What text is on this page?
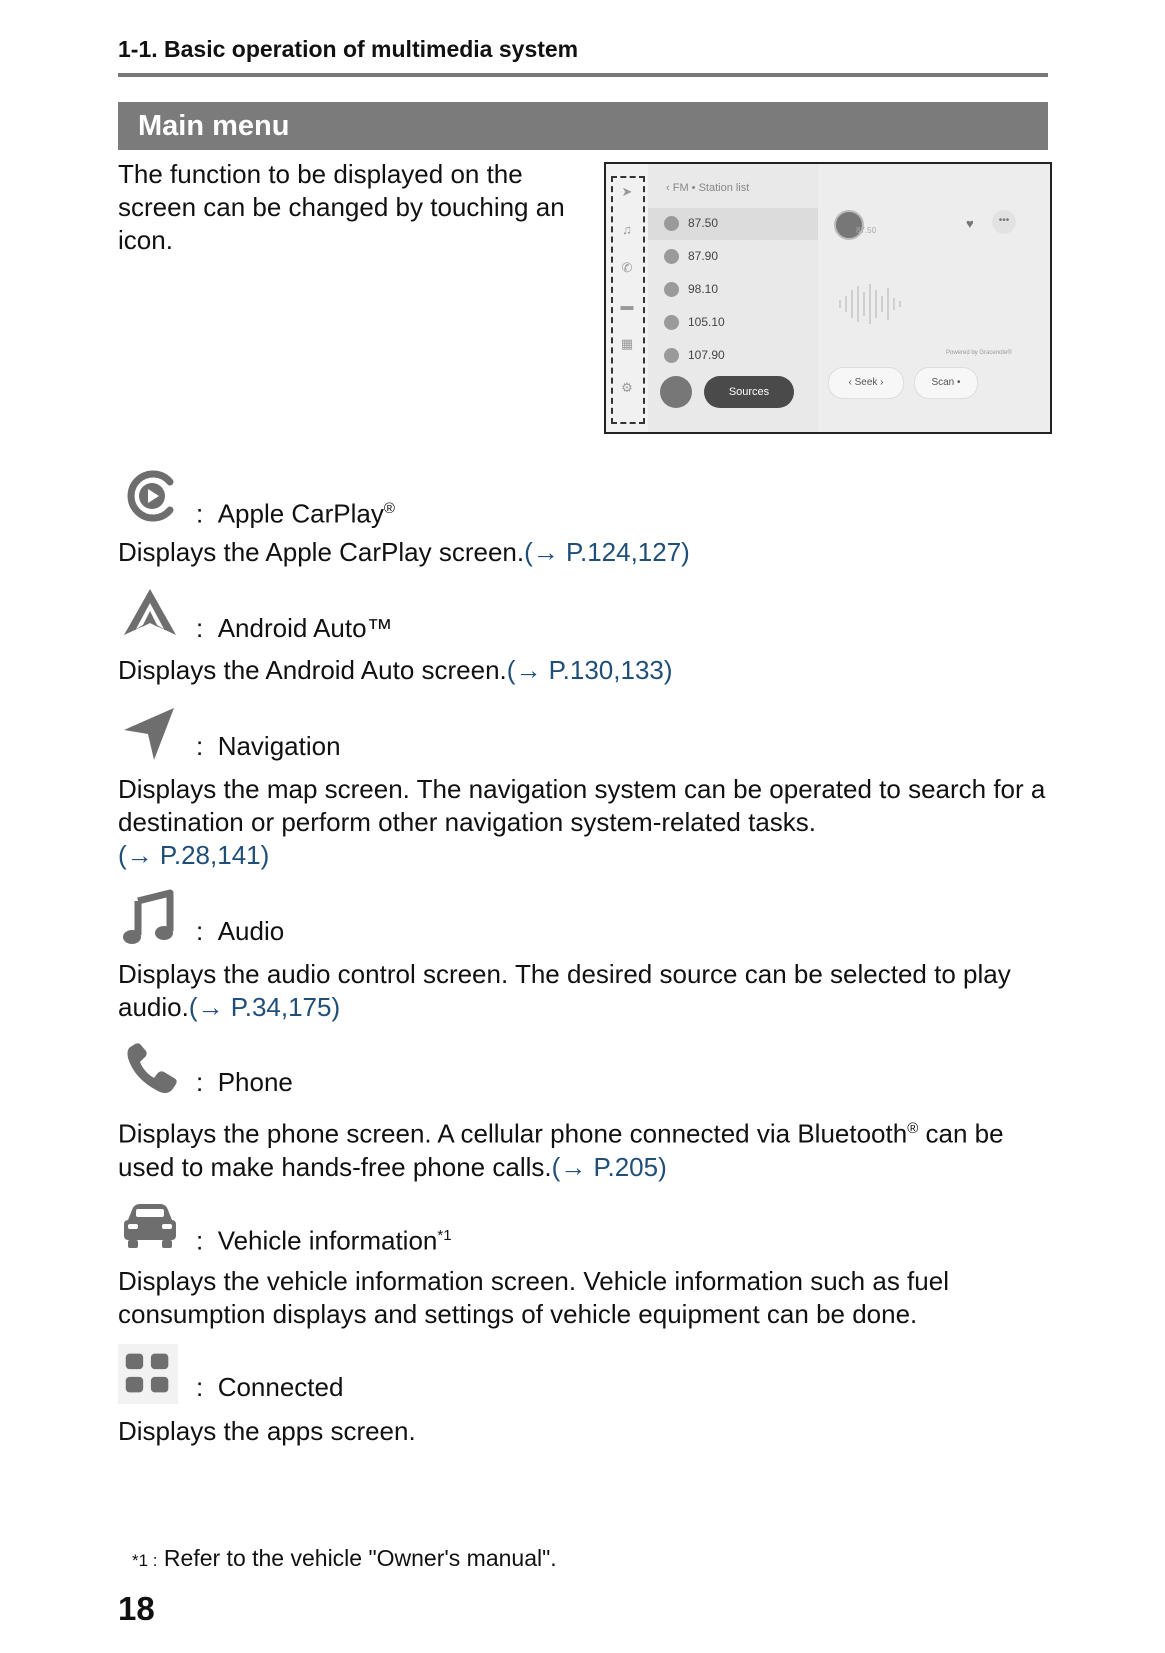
1-1. Basic operation of multimedia system
Main menu
The function to be displayed on the screen can be changed by touching an icon.
➤
♫
✆
▬
▦
⚙
‹ FM • Station list
87.50
87.90
98.10
105.10
107.90
Sources
87.50	♥	•••
Powered by Gracenote®
‹ Seek ›	Scan •
: Apple CarPlay®
Displays the Apple CarPlay screen.(→ P.124,127)
: Android Auto™
Displays the Android Auto screen.(→ P.130,133)
: Navigation
Displays the map screen. The navigation system can be operated to search for a destination or perform other navigation system-related tasks.
(→ P.28,141)
: Audio
Displays the audio control screen. The desired source can be selected to play audio.(→ P.34,175)
: Phone
Displays the phone screen. A cellular phone connected via Bluetooth® can be used to make hands-free phone calls.(→ P.205)
: Vehicle information$^{*1}$
Displays the vehicle information screen. Vehicle information such as fuel consumption displays and settings of vehicle equipment can be done.
: Connected
Displays the apps screen.
*1 : Refer to the vehicle "Owner's manual".
18
